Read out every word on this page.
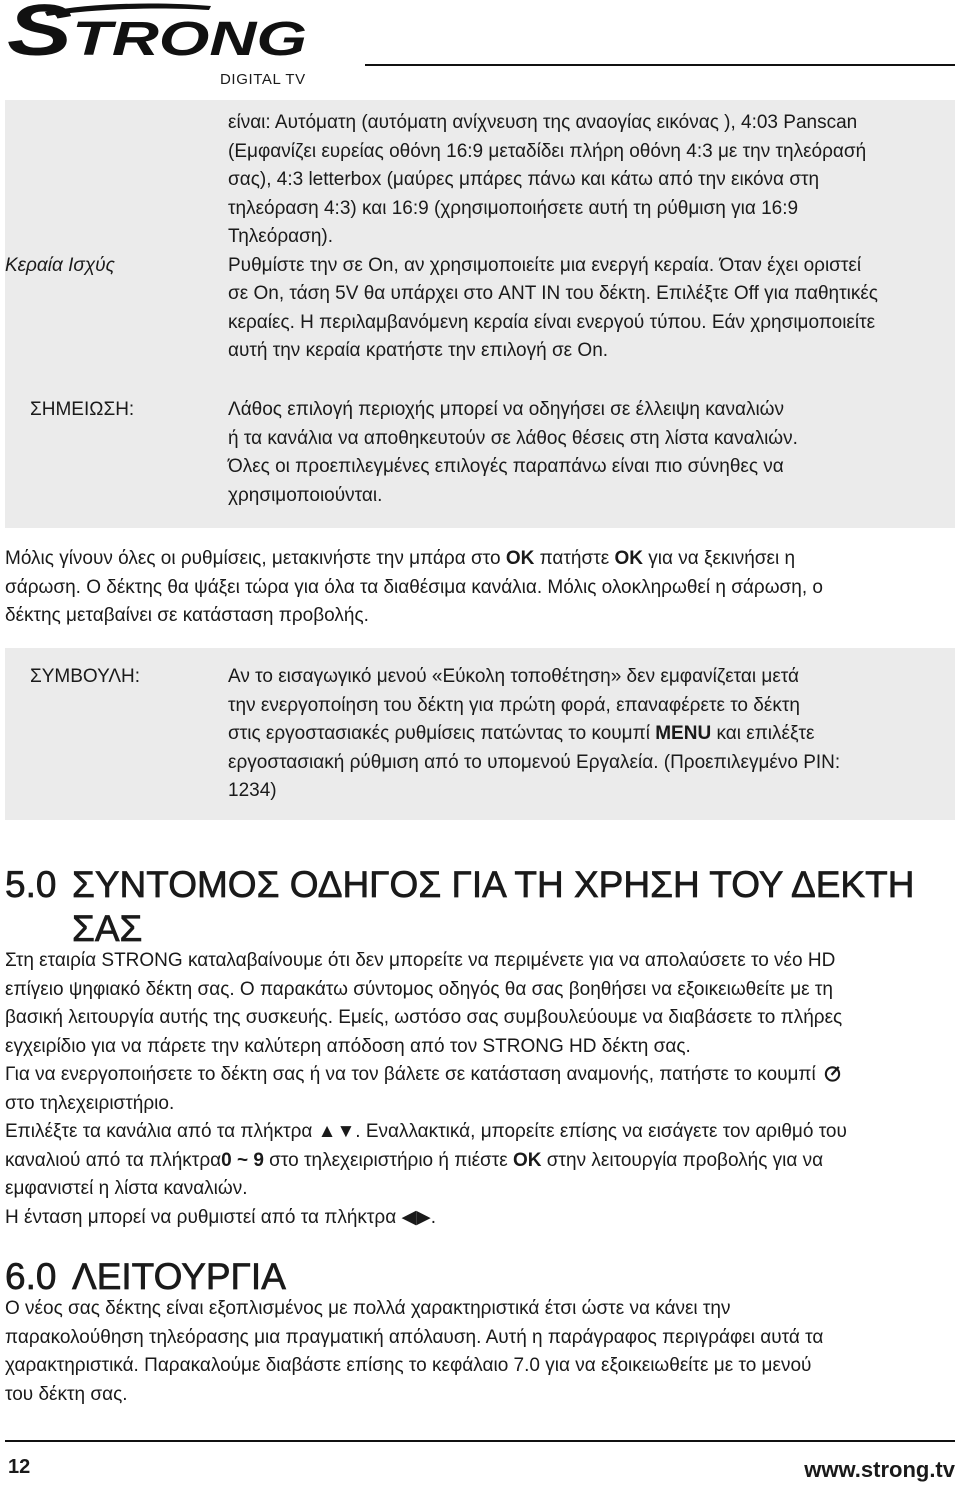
STRONG
DIGITAL TV
είναι: Αυτόματη (αυτόματη ανίχνευση της αναογίας εικόνας ), 4:03 Panscan
(Εμφανίζει ευρείας οθόνη 16:9 μεταδίδει πλήρη οθόνη 4:3 με την τηλεόρασή
σας), 4:3 letterbox (μαύρες μπάρες πάνω και κάτω από την εικόνα στη
τηλεόραση 4:3) και 16:9 (χρησιμοποιήσετε αυτή τη ρύθμιση για 16:9
Τηλεόραση).
Κεραία Ισχύς	Ρυθμίστε την σε On, αν χρησιμοποιείτε μια ενεργή κεραία. Όταν έχει οριστεί
σε On, τάση 5V θα υπάρχει στο ANT IN του δέκτη. Επιλέξτε Off για παθητικές
κεραίες. Η περιλαμβανόμενη κεραία είναι ενεργού τύπου. Εάν χρησιμοποιείτε
αυτή την κεραία κρατήστε την επιλογή σε On.
ΣΗΜΕΙΩΣΗ:	Λάθος επιλογή περιοχής μπορεί να οδηγήσει σε έλλειψη καναλιών
ή τα κανάλια να αποθηκευτούν σε λάθος θέσεις στη λίστα καναλιών.
Όλες οι προεπιλεγμένες επιλογές παραπάνω είναι πιο σύνηθες να
χρησιμοποιούνται.
Μόλις γίνουν όλες οι ρυθμίσεις, μετακινήστε την μπάρα στο OK πατήστε OK για να ξεκινήσει η
σάρωση. Ο δέκτης θα ψάξει τώρα για όλα τα διαθέσιμα κανάλια. Μόλις ολοκληρωθεί η σάρωση, ο
δέκτης μεταβαίνει σε κατάσταση προβολής.
ΣΥΜΒΟΥΛΗ:	Αν το εισαγωγικό μενού «Εύκολη τοποθέτηση» δεν εμφανίζεται μετά
την ενεργοποίηση του δέκτη για πρώτη φορά, επαναφέρετε το δέκτη
στις εργοστασιακές ρυθμίσεις πατώντας το κουμπί MENU και επιλέξτε
εργοστασιακή ρύθμιση από το υπομενού Εργαλεία. (Προεπιλεγμένο PIN:
1234)
5.0 ΣΥΝΤΟΜΟΣ ΟΔΗΓΟΣ ΓΙΑ ΤΗ ΧΡΗΣΗ ΤΟΥ ΔΕΚΤΗ
ΣΑΣ
Στη εταιρία STRONG καταλαβαίνουμε ότι δεν μπορείτε να περιμένετε για να απολαύσετε το νέο HD
επίγειο ψηφιακό δέκτη σας. Ο παρακάτω σύντομος οδηγός θα σας βοηθήσει να εξοικειωθείτε με τη
βασική λειτουργία αυτής της συσκευής. Εμείς, ωστόσο σας συμβουλεύουμε να διαβάσετε το πλήρες
εγχειρίδιο για να πάρετε την καλύτερη απόδοση από τον STRONG HD δέκτη σας.
Για να ενεργοποιήσετε το δέκτη σας ή να τον βάλετε σε κατάσταση αναμονής, πατήστε το κουμπί
στο τηλεχειριστήριο.
Επιλέξτε τα κανάλια από τα πλήκτρα ▲▼. Εναλλακτικά, μπορείτε επίσης να εισάγετε τον αριθμό του
καναλιού από τα πλήκτρα0 ~ 9 στο τηλεχειριστήριο ή πιέστε OK στην λειτουργία προβολής για να
εμφανιστεί η λίστα καναλιών.
Η ένταση μπορεί να ρυθμιστεί από τα πλήκτρα ◀▶.
6.0 ΛΕΙΤΟΥΡΓΙΑ
Ο νέος σας δέκτης είναι εξοπλισμένος με πολλά χαρακτηριστικά έτσι ώστε να κάνει την
παρακολούθηση τηλεόρασης μια πραγματική απόλαυση. Αυτή η παράγραφος περιγράφει αυτά τα
χαρακτηριστικά. Παρακαλούμε διαβάστε επίσης το κεφάλαιο 7.0 για να εξοικειωθείτε με το μενού
του δέκτη σας.
12	www.strong.tv
